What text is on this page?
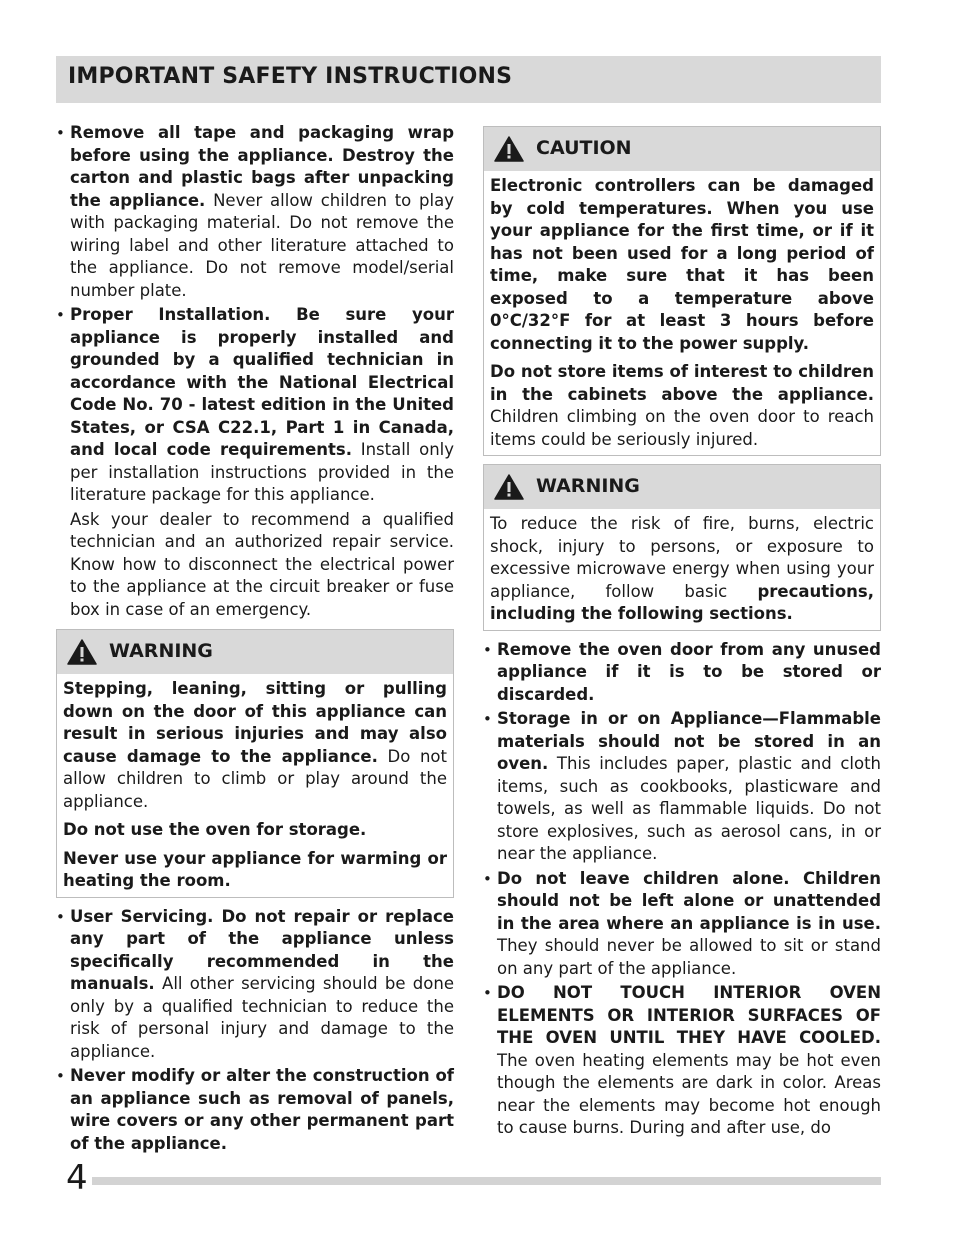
IMPORTANT SAFETY INSTRUCTIONS

• Remove all tape and packaging wrap before using the appliance. Destroy the carton and plastic bags after unpacking the appliance. Never allow children to play with packaging material. Do not remove the wiring label and other literature attached to the appliance. Do not remove model/serial number plate.

• Proper Installation. Be sure your appliance is properly installed and grounded by a qualified technician in accordance with the National Electrical Code No. 70 - latest edition in the United States, or CSA C22.1, Part 1 in Canada, and local code requirements. Install only per installation instructions provided in the literature package for this appliance.

Ask your dealer to recommend a qualified technician and an authorized repair service. Know how to disconnect the electrical power to the appliance at the circuit breaker or fuse box in case of an emergency.

WARNING

Stepping, leaning, sitting or pulling down on the door of this appliance can result in serious injuries and may also cause damage to the appliance. Do not allow children to climb or play around the appliance.

Do not use the oven for storage.

Never use your appliance for warming or heating the room.

• User Servicing. Do not repair or replace any part of the appliance unless specifically recommended in the manuals. All other servicing should be done only by a qualified technician to reduce the risk of personal injury and damage to the appliance.

• Never modify or alter the construction of an appliance such as removal of panels, wire covers or any other permanent part of the appliance.

CAUTION

Electronic controllers can be damaged by cold temperatures. When you use your appliance for the first time, or if it has not been used for a long period of time, make sure that it has been exposed to a temperature above 0°C/32°F for at least 3 hours before connecting it to the power supply.

Do not store items of interest to children in the cabinets above the appliance. Children climbing on the oven door to reach items could be seriously injured.

WARNING

To reduce the risk of fire, burns, electric shock, injury to persons, or exposure to excessive microwave energy when using your appliance, follow basic precautions, including the following sections.

• Remove the oven door from any unused appliance if it is to be stored or discarded.

• Storage in or on Appliance—Flammable materials should not be stored in an oven. This includes paper, plastic and cloth items, such as cookbooks, plasticware and towels, as well as flammable liquids. Do not store explosives, such as aerosol cans, in or near the appliance.

• Do not leave children alone. Children should not be left alone or unattended in the area where an appliance is in use. They should never be allowed to sit or stand on any part of the appliance.

• DO NOT TOUCH INTERIOR OVEN ELEMENTS OR INTERIOR SURFACES OF THE OVEN UNTIL THEY HAVE COOLED. The oven heating elements may be hot even though the elements are dark in color. Areas near the elements may become hot enough to cause burns. During and after use, do

4
